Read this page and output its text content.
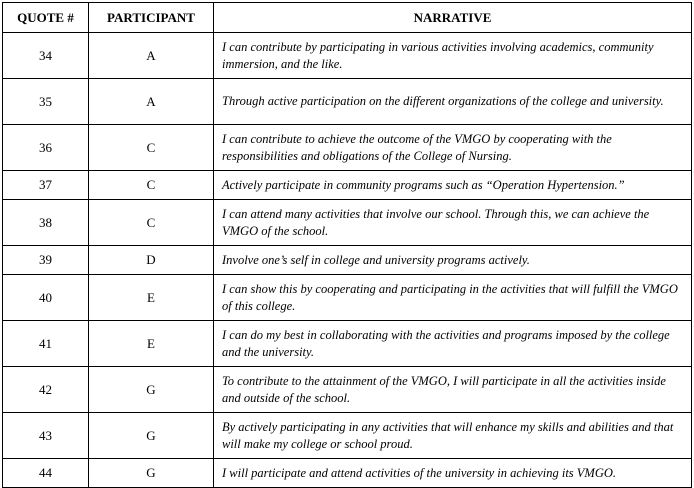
QUOTE #	PARTICIPANT	NARRATIVE
34	A	I can contribute by participating in various activities involving academics, community immersion, and the like.
35	A	Through active participation on the different organizations of the college and university.
36	C	I can contribute to achieve the outcome of the VMGO by cooperating with the responsibilities and obligations of the College of Nursing.
37	C	Actively participate in community programs such as “Operation Hypertension.”
38	C	I can attend many activities that involve our school. Through this, we can achieve the VMGO of the school.
39	D	Involve one’s self in college and university programs actively.
40	E	I can show this by cooperating and participating in the activities that will fulfill the VMGO of this college.
41	E	I can do my best in collaborating with the activities and programs imposed by the college and the university.
42	G	To contribute to the attainment of the VMGO, I will participate in all the activities inside and outside of the school.
43	G	By actively participating in any activities that will enhance my skills and abilities and that will make my college or school proud.
44	G	I will participate and attend activities of the university in achieving its VMGO.
